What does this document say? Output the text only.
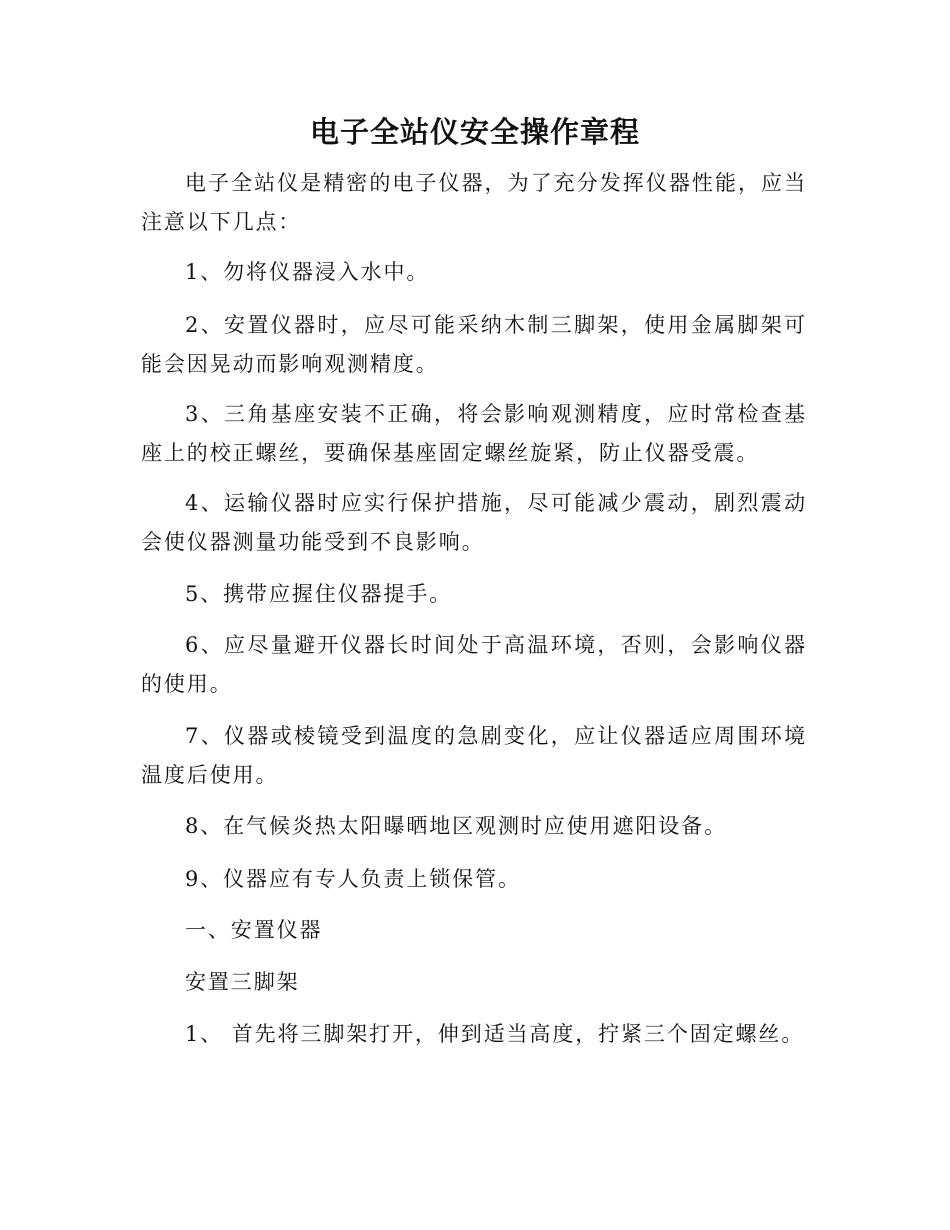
电子全站仪安全操作章程
电子全站仪是精密的电子仪器，为了充分发挥仪器性能，应当注意以下几点：
1、勿将仪器浸入水中。
2、安置仪器时，应尽可能采纳木制三脚架，使用金属脚架可能会因晃动而影响观测精度。
3、三角基座安装不正确，将会影响观测精度，应时常检查基座上的校正螺丝，要确保基座固定螺丝旋紧，防止仪器受震。
4、运输仪器时应实行保护措施，尽可能减少震动，剧烈震动会使仪器测量功能受到不良影响。
5、携带应握住仪器提手。
6、应尽量避开仪器长时间处于高温环境，否则，会影响仪器的使用。
7、仪器或棱镜受到温度的急剧变化，应让仪器适应周围环境温度后使用。
8、在气候炎热太阳曝晒地区观测时应使用遮阳设备。
9、仪器应有专人负责上锁保管。
一、安置仪器
安置三脚架
1、 首先将三脚架打开，伸到适当高度，拧紧三个固定螺丝。
